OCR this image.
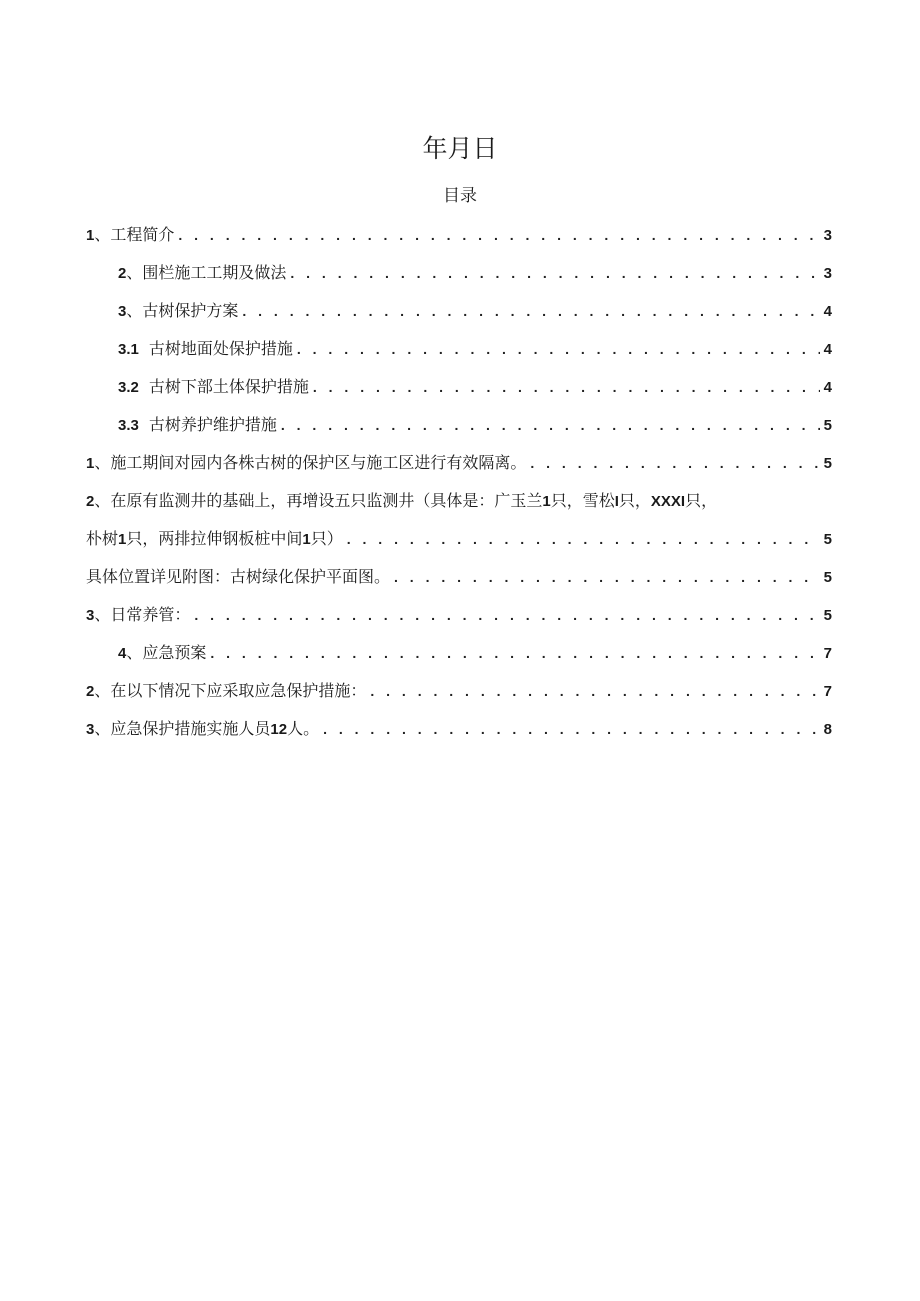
年月日
目录
1 、 工程简介 . . .	3
2 、 围栏施工工期及做法 . . .	3
3 、 古树保护方案 . . .	4
3.1 古树地面处保护措施 . . .	4
3.2 古树下部土体保护措施 . . .	4
3.3 古树养护维护措施 . . .	5
1 、 施工期间对园内各株古树的保护区与施工区进行有效隔离。 . . .	5
2、在原有监测井的基础上，再增设五只监测井（具体是：广玉兰1只，雪松I只，XXXI只，
朴树 1 只，两排拉伸钢板桩中间 1 只） . . .	5
具体位置详见附图：古树绿化保护平面图。 . . .	5
3 、 日常养管： . . .	5
4 、 应急预案 . . .	7
2 、 在以下情况下应采取应急保护措施： . . .	7
3 、 应急保护措施实施人员 12 人。 . . .	8
